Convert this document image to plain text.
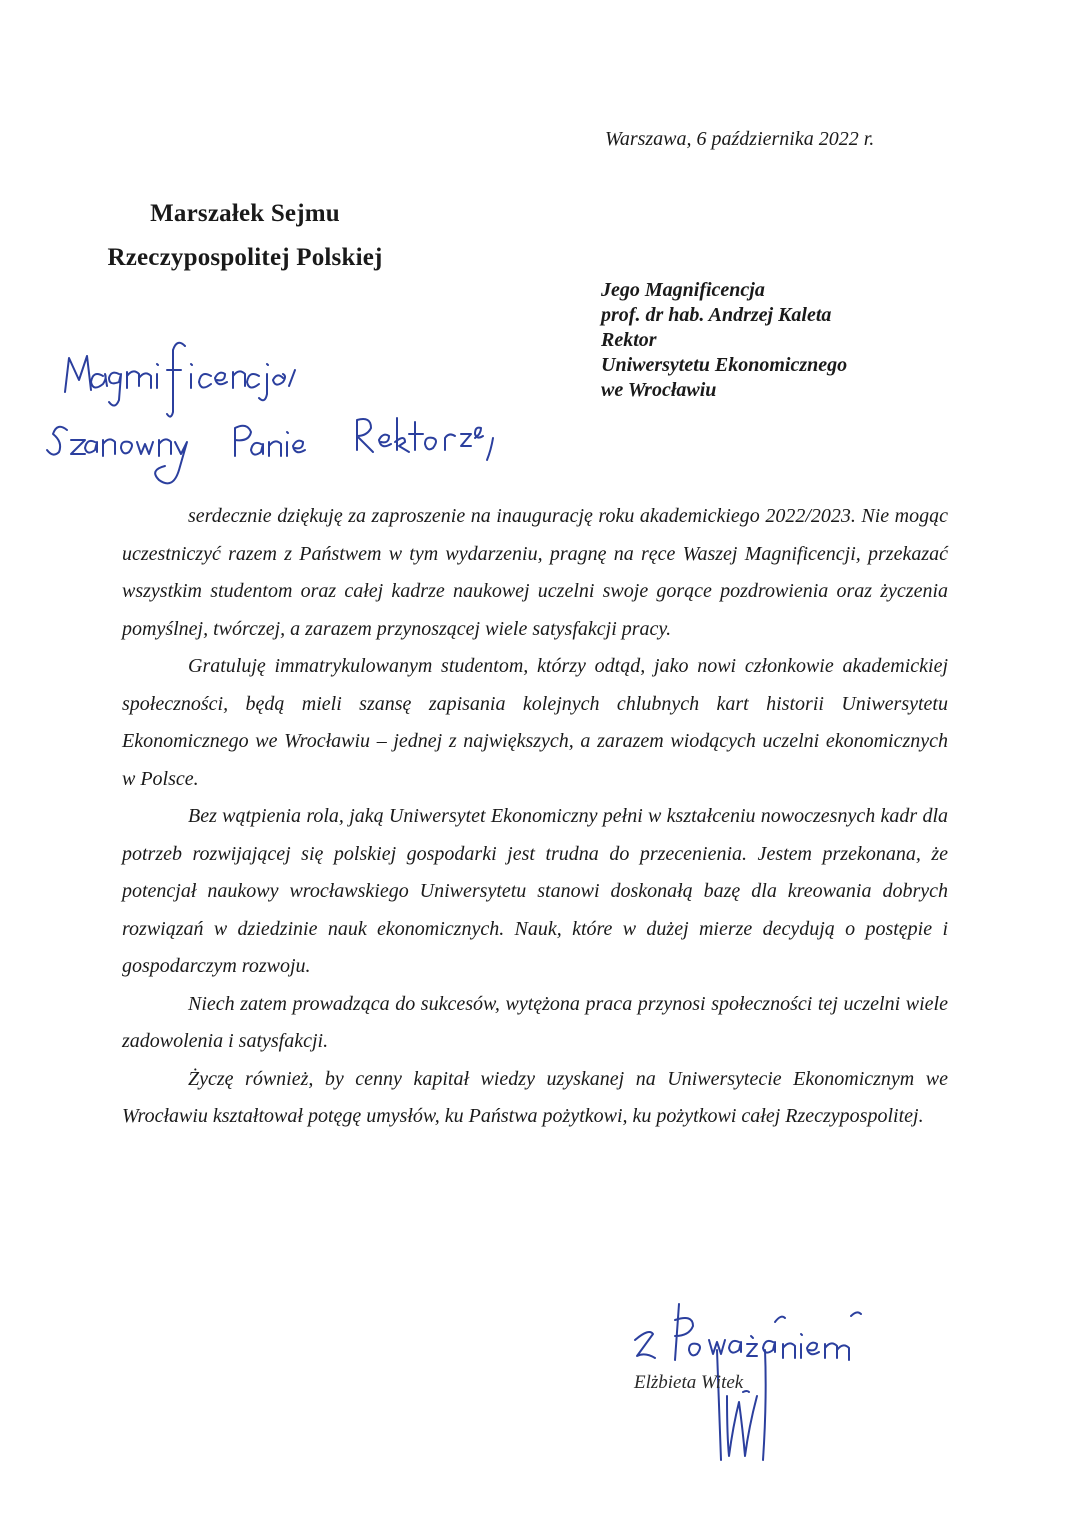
Warszawa, 6 października 2022 r.
Marszałek Sejmu
Rzeczypospolitej Polskiej
Jego Magnificencja
prof. dr hab. Andrzej Kaleta
Rektor
Uniwersytetu Ekonomicznego
we Wrocławiu

serdecznie dziękuję za zaproszenie na inaugurację roku akademickiego 2022/2023. Nie mogąc uczestniczyć razem z Państwem w tym wydarzeniu, pragnę na ręce Waszej Magnificencji, przekazać wszystkim studentom oraz całej kadrze naukowej uczelni swoje gorące pozdrowienia oraz życzenia pomyślnej, twórczej, a zarazem przynoszącej wiele satysfakcji pracy.

Gratuluję immatrykulowanym studentom, którzy odtąd, jako nowi członkowie akademickiej społeczności, będą mieli szansę zapisania kolejnych chlubnych kart historii Uniwersytetu Ekonomicznego we Wrocławiu – jednej z największych, a zarazem wiodących uczelni ekonomicznych w Polsce.

Bez wątpienia rola, jaką Uniwersytet Ekonomiczny pełni w kształceniu nowoczesnych kadr dla potrzeb rozwijającej się polskiej gospodarki jest trudna do przecenienia. Jestem przekonana, że potencjał naukowy wrocławskiego Uniwersytetu stanowi doskonałą bazę dla kreowania dobrych rozwiązań w dziedzinie nauk ekonomicznych. Nauk, które w dużej mierze decydują o postępie i gospodarczym rozwoju.

Niech zatem prowadząca do sukcesów, wytężona praca przynosi społeczności tej uczelni wiele zadowolenia i satysfakcji.

Życzę również, by cenny kapitał wiedzy uzyskanej na Uniwersytecie Ekonomicznym we Wrocławiu kształtował potęgę umysłów, ku Państwa pożytkowi, ku pożytkowi całej Rzeczypospolitej.

Elżbieta Witek
